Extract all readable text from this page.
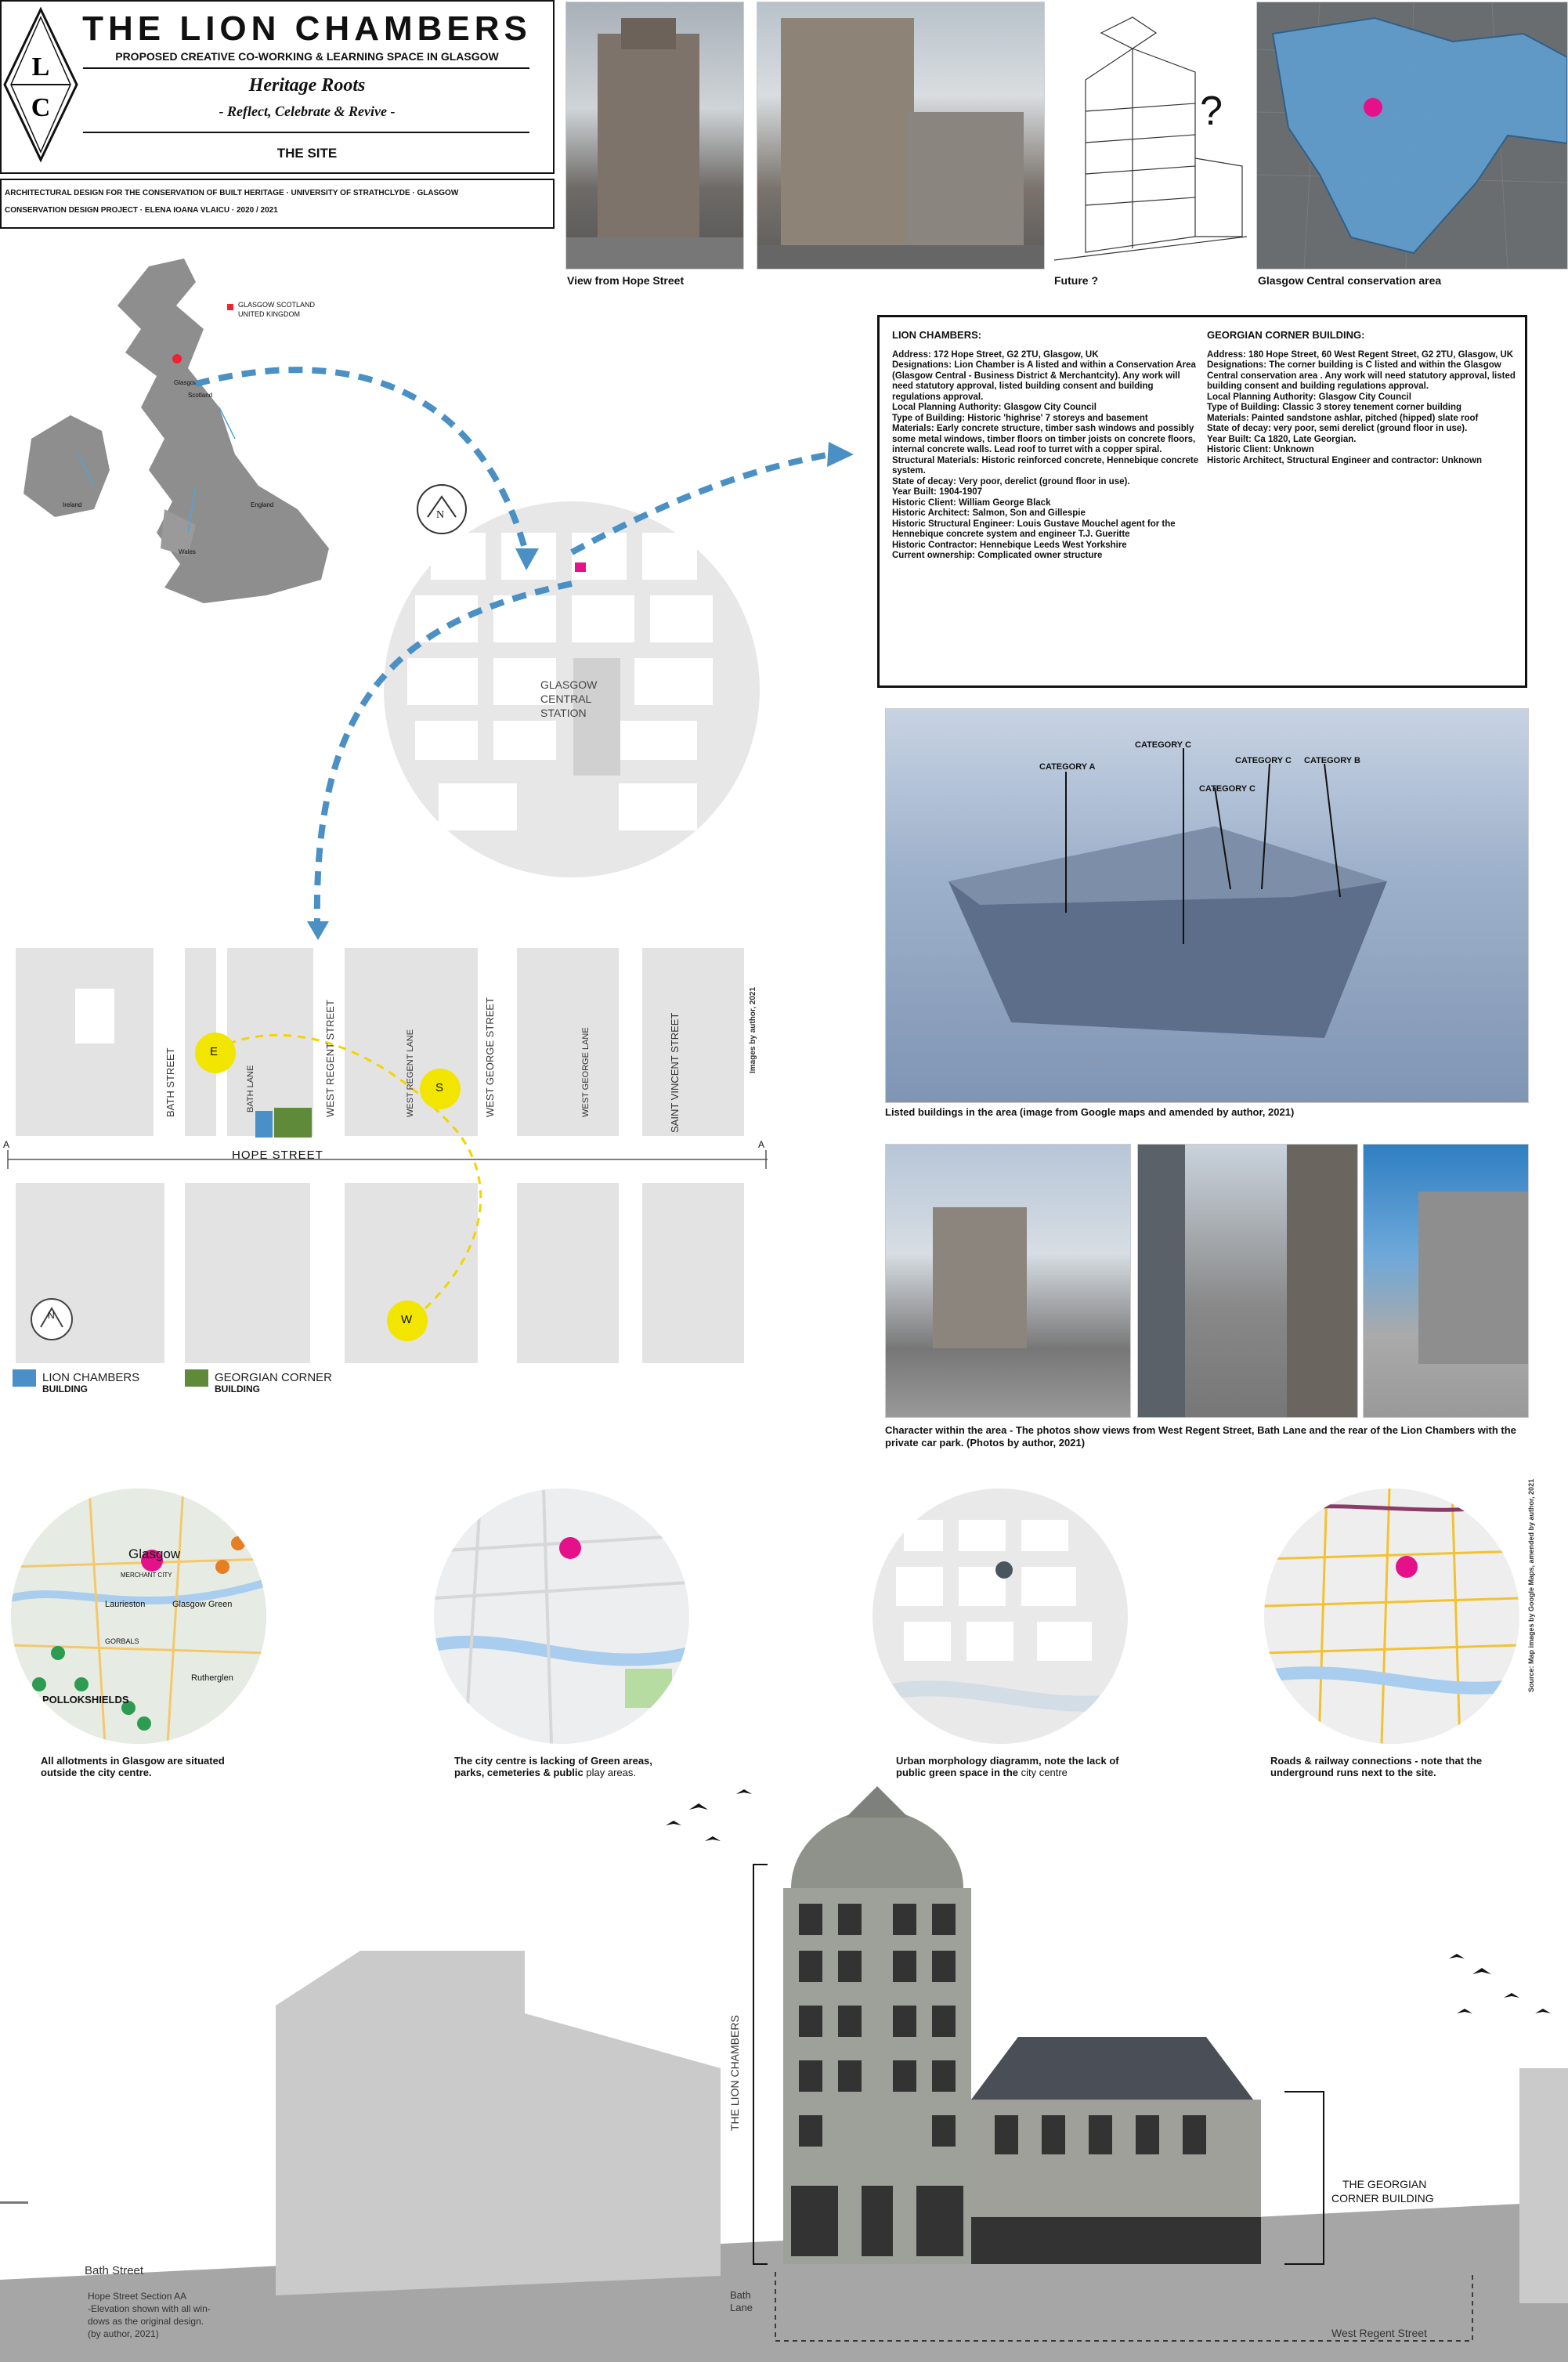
L
C
THE LION CHAMBERS
PROPOSED CREATIVE CO-WORKING & LEARNING SPACE IN GLASGOW
Heritage Roots
- Reflect, Celebrate & Revive -
THE SITE
ARCHITECTURAL DESIGN FOR THE CONSERVATION OF BUILT HERITAGE · UNIVERSITY OF STRATHCLYDE · GLASGOW
CONSERVATION DESIGN PROJECT · ELENA IOANA VLAICU · 2020 / 2021
View from Hope Street
?
Future ?	Glasgow Central conservation area
GLASGOW SCOTLAND
UNITED KINGDOM
Glasgow
Scotland
England
Ireland
Wales
GLASGOW
CENTRAL
STATION
N
LION CHAMBERS:

Address: 172 Hope Street, G2 2TU, Glasgow, UK

Designations: Lion Chamber is A listed and within a Conservation Area (Glasgow Central - Business District & Merchantcity). Any work will need statutory approval, listed building consent and building regulations approval.

Local Planning Authority: Glasgow City Council

Type of Building: Historic 'highrise' 7 storeys and basement

Materials: Early concrete structure, timber sash windows and possibly some metal windows, timber floors on timber joists on concrete floors, internal concrete walls. Lead roof to turret with a copper spiral.

Structural Materials: Historic reinforced concrete, Hennebique concrete system.

State of decay: Very poor, derelict (ground floor in use).

Year Built: 1904-1907

Historic Client: William George Black

Historic Architect: Salmon, Son and Gillespie

Historic Structural Engineer: Louis Gustave Mouchel agent for the Hennebique concrete system and engineer T.J. Gueritte

Historic Contractor: Hennebique Leeds West Yorkshire

Current ownership: Complicated owner structure

GEORGIAN CORNER BUILDING:

Address: 180 Hope Street, 60 West Regent Street, G2 2TU, Glasgow, UK

Designations: The corner building is C listed and within the Glasgow Central conservation area . Any work will need statutory approval, listed building consent and building regulations approval.

Local Planning Authority: Glasgow City Council

Type of Building: Classic 3 storey tenement corner building

Materials: Painted sandstone ashlar, pitched (hipped) slate roof

State of decay: very poor, semi derelict (ground floor in use).

Year Built: Ca 1820, Late Georgian.

Historic Client: Unknown

Historic Architect, Structural Engineer and contractor: Unknown

CATEGORY A
CATEGORY C
CATEGORY C
CATEGORY C CATEGORY B
Listed buildings in the area (image from Google maps and amended by author, 2021)
Character within the area - The photos show views from West Regent Street, Bath Lane and the rear of the Lion Chambers with the private car park. (Photos by author, 2021)
E
S
W
N
BATH STREET	BATH LANE	WEST REGENT STREET	WEST REGENT LANE	WEST GEORGE STREET	WEST GEORGE LANE	SAINT VINCENT STREET	Images by author, 2021
HOPE STREET
A	A
LION CHAMBERS
BUILDING
GEORGIAN CORNER
BUILDING
Glasgow
MERCHANT CITY
Laurieston	Glasgow Green
Rutherglen
GORBALS
POLLOKSHIELDS
Source: Map images by Google Maps, amended by author, 2021
All allotments in Glasgow are situated outside the city centre.
The city centre is lacking of Green areas, parks, cemeteries & public play areas.
Urban morphology diagramm, note the lack of public green space in the city centre
Roads & railway connections - note that the underground runs next to the site.
THE LION CHAMBERS
THE GEORGIAN
CORNER BUILDING
Bath Street
Hope Street Section AA
-Elevation shown with all win-
dows as the original design.
(by author, 2021)
Bath
Lane
West Regent Street
